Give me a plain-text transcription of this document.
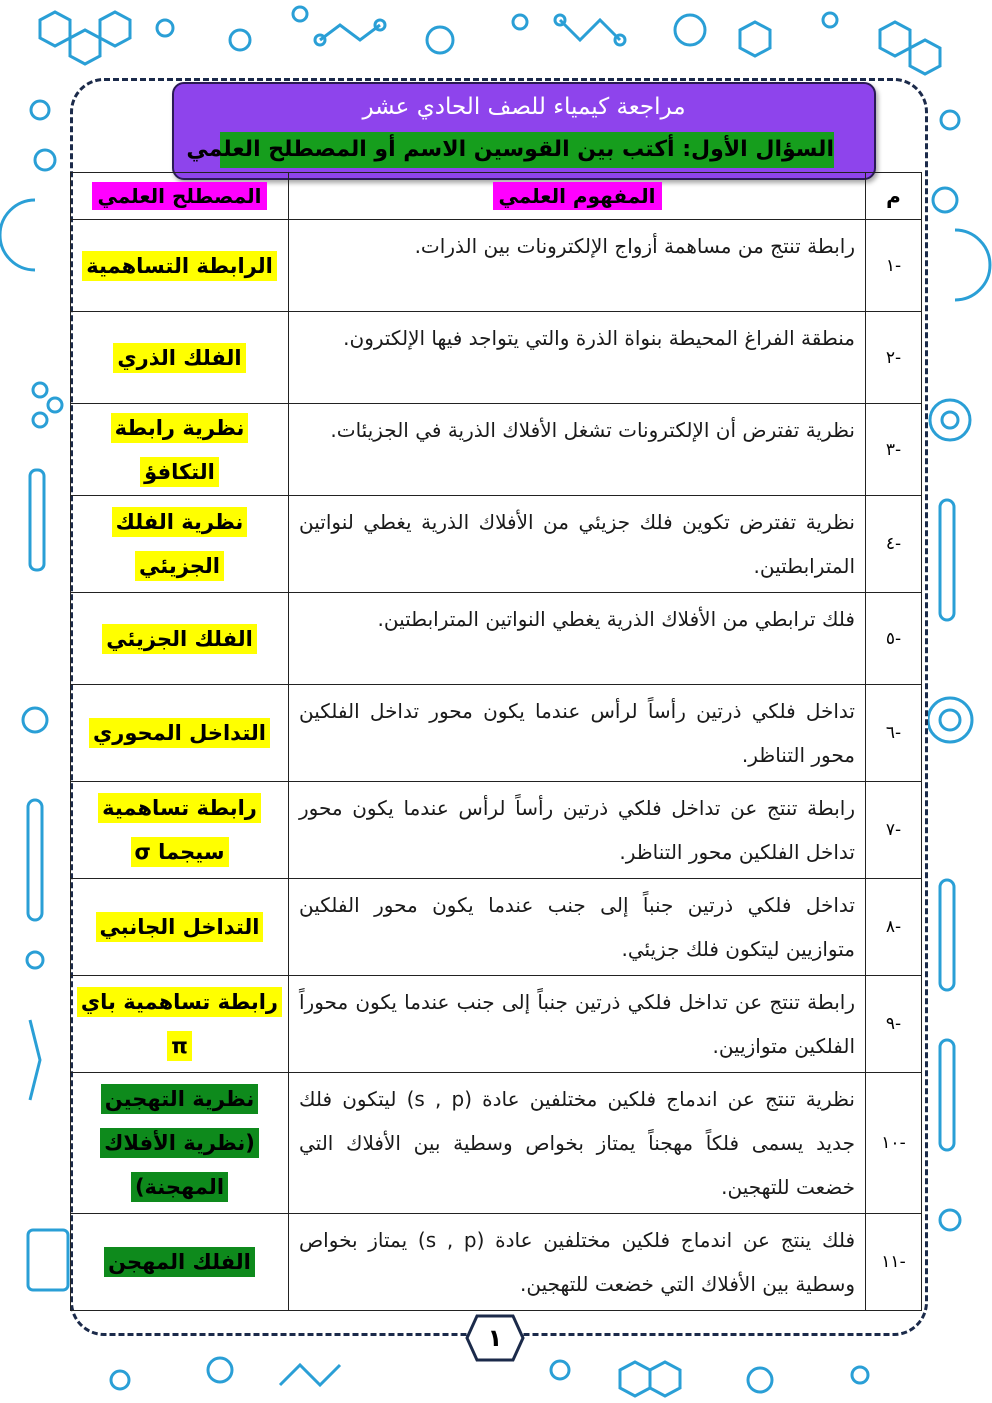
مراجعة كيمياء للصف الحادي عشر
السؤال الأول: أكتب بين القوسين الاسم أو المصطلح العلمي
م	المفهوم العلمي	المصطلح العلمي
-١	رابطة تنتج من مساهمة أزواج الإلكترونات بين الذرات.	الرابطة التساهمية
-٢	منطقة الفراغ المحيطة بنواة الذرة والتي يتواجد فيها الإلكترون.	الفلك الذري
-٣	نظرية تفترض أن الإلكترونات تشغل الأفلاك الذرية في الجزيئات.	نظرية رابطة التكافؤ
-٤	نظرية تفترض تكوين فلك جزيئي من الأفلاك الذرية يغطي لنواتين المترابطتين.	نظرية الفلك الجزيئي
-٥	فلك ترابطي من الأفلاك الذرية يغطي النواتين المترابطتين.	الفلك الجزيئي
-٦	تداخل فلكي ذرتين رأساً لرأس عندما يكون محور تداخل الفلكين محور التناظر.	التداخل المحوري
-٧	رابطة تنتج عن تداخل فلكي ذرتين رأساً لرأس عندما يكون محور تداخل الفلكين محور التناظر.	رابطة تساهمية سيجما σ
-٨	تداخل فلكي ذرتين جنباً إلى جنب عندما يكون محور الفلكين متوازيين ليتكون فلك جزيئي.	التداخل الجانبي
-٩	رابطة تنتج عن تداخل فلكي ذرتين جنباً إلى جنب عندما يكون محوراً الفلكين متوازيين.	رابطة تساهمية باي π
-١٠	نظرية تنتج عن اندماج فلكين مختلفين عادة (s , p) ليتكون فلك جديد يسمى فلكاً مهجناً يمتاز بخواص وسطية بين الأفلاك التي خضعت للتهجين.	نظرية التهجين (نظرية الأفلاك المهجنة)
-١١	فلك ينتج عن اندماج فلكين مختلفين عادة (s , p) يمتاز بخواص وسطية بين الأفلاك التي خضعت للتهجين.	الفلك المهجن
١
